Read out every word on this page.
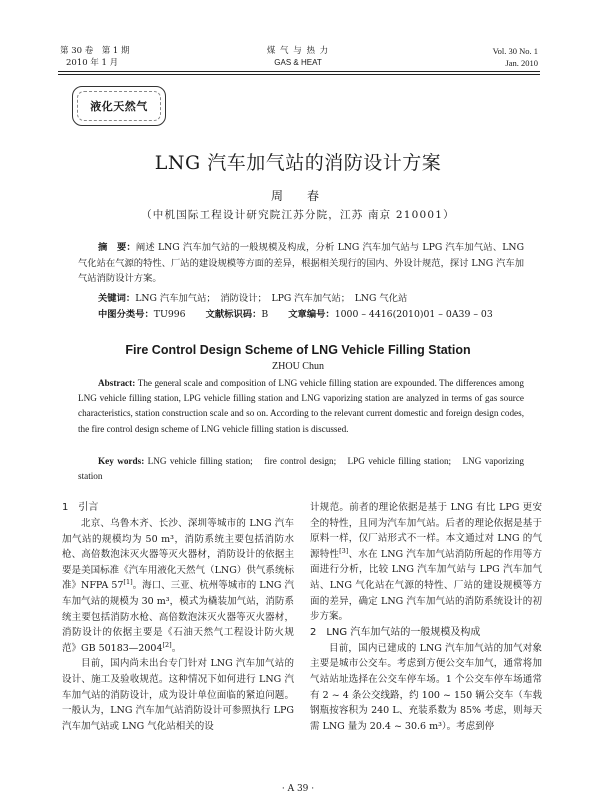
第 30 卷　第 1 期
2010 年 1 月
煤 气 与 热 力
GAS & HEAT
Vol. 30 No. 1
Jan. 2010
液化天然气
LNG 汽车加气站的消防设计方案
周　春
（中机国际工程设计研究院江苏分院，江苏 南京 210001）
摘　要：阐述 LNG 汽车加气站的一般规模及构成，分析 LNG 汽车加气站与 LPG 汽车加气站、LNG 气化站在气源的特性、厂站的建设规模等方面的差异，根据相关现行的国内、外设计规范，探讨 LNG 汽车加气站消防设计方案。
关键词：LNG 汽车加气站；　消防设计；　LPG 汽车加气站；　LNG 气化站
中图分类号：TU996 文献标识码：B 文章编号：1000 – 4416(2010)01 – 0A39 – 03
Fire Control Design Scheme of LNG Vehicle Filling Station
ZHOU Chun
Abstract: The general scale and composition of LNG vehicle filling station are expounded. The differences among LNG vehicle filling station, LPG vehicle filling station and LNG vaporizing station are analyzed in terms of gas source characteristics, station construction scale and so on. According to the relevant current domestic and foreign design codes, the fire control design scheme of LNG vehicle filling station is discussed.
Key words: LNG vehicle filling station;　fire control design;　LPG vehicle filling station;　LNG vaporizing station
1　引言

北京、乌鲁木齐、长沙、深圳等城市的 LNG 汽车加气站的规模均为 50 m³，消防系统主要包括消防水枪、高倍数泡沫灭火器等灭火器材，消防设计的依据主要是美国标准《汽车用液化天然气（LNG）供气系统标准》NFPA 57[1]。海口、三亚、杭州等城市的 LNG 汽车加气站的规模为 30 m³，模式为橇装加气站，消防系统主要包括消防水枪、高倍数泡沫灭火器等灭火器材，消防设计的依据主要是《石油天然气工程设计防火规范》GB 50183—2004[2]。

目前，国内尚未出台专门针对 LNG 汽车加气站的设计、施工及验收规范。这种情况下如何进行 LNG 汽车加气站的消防设计，成为设计单位面临的紧迫问题。一般认为，LNG 汽车加气站消防设计可参照执行 LPG 汽车加气站或 LNG 气化站相关的设

计规范。前者的理论依据是基于 LNG 有比 LPG 更安全的特性，且同为汽车加气站。后者的理论依据是基于原料一样，仅厂站形式不一样。本文通过对 LNG 的气源特性[3]、水在 LNG 汽车加气站消防所起的作用等方面进行分析，比较 LNG 汽车加气站与 LPG 汽车加气站、LNG 气化站在气源的特性、厂站的建设规模等方面的差异，确定 LNG 汽车加气站的消防系统设计的初步方案。

2　LNG 汽车加气站的一般规模及构成

目前，国内已建成的 LNG 汽车加气站的加气对象主要是城市公交车。考虑到方便公交车加气，通常将加气站站址选择在公交车停车场。1 个公交车停车场通常有 2 ~ 4 条公交线路，约 100 ~ 150 辆公交车（车载钢瓶按容积为 240 L、充装系数为 85% 考虑，则每天需 LNG 量为 20.4 ~ 30.6 m³）。考虑到停

· A 39 ·
